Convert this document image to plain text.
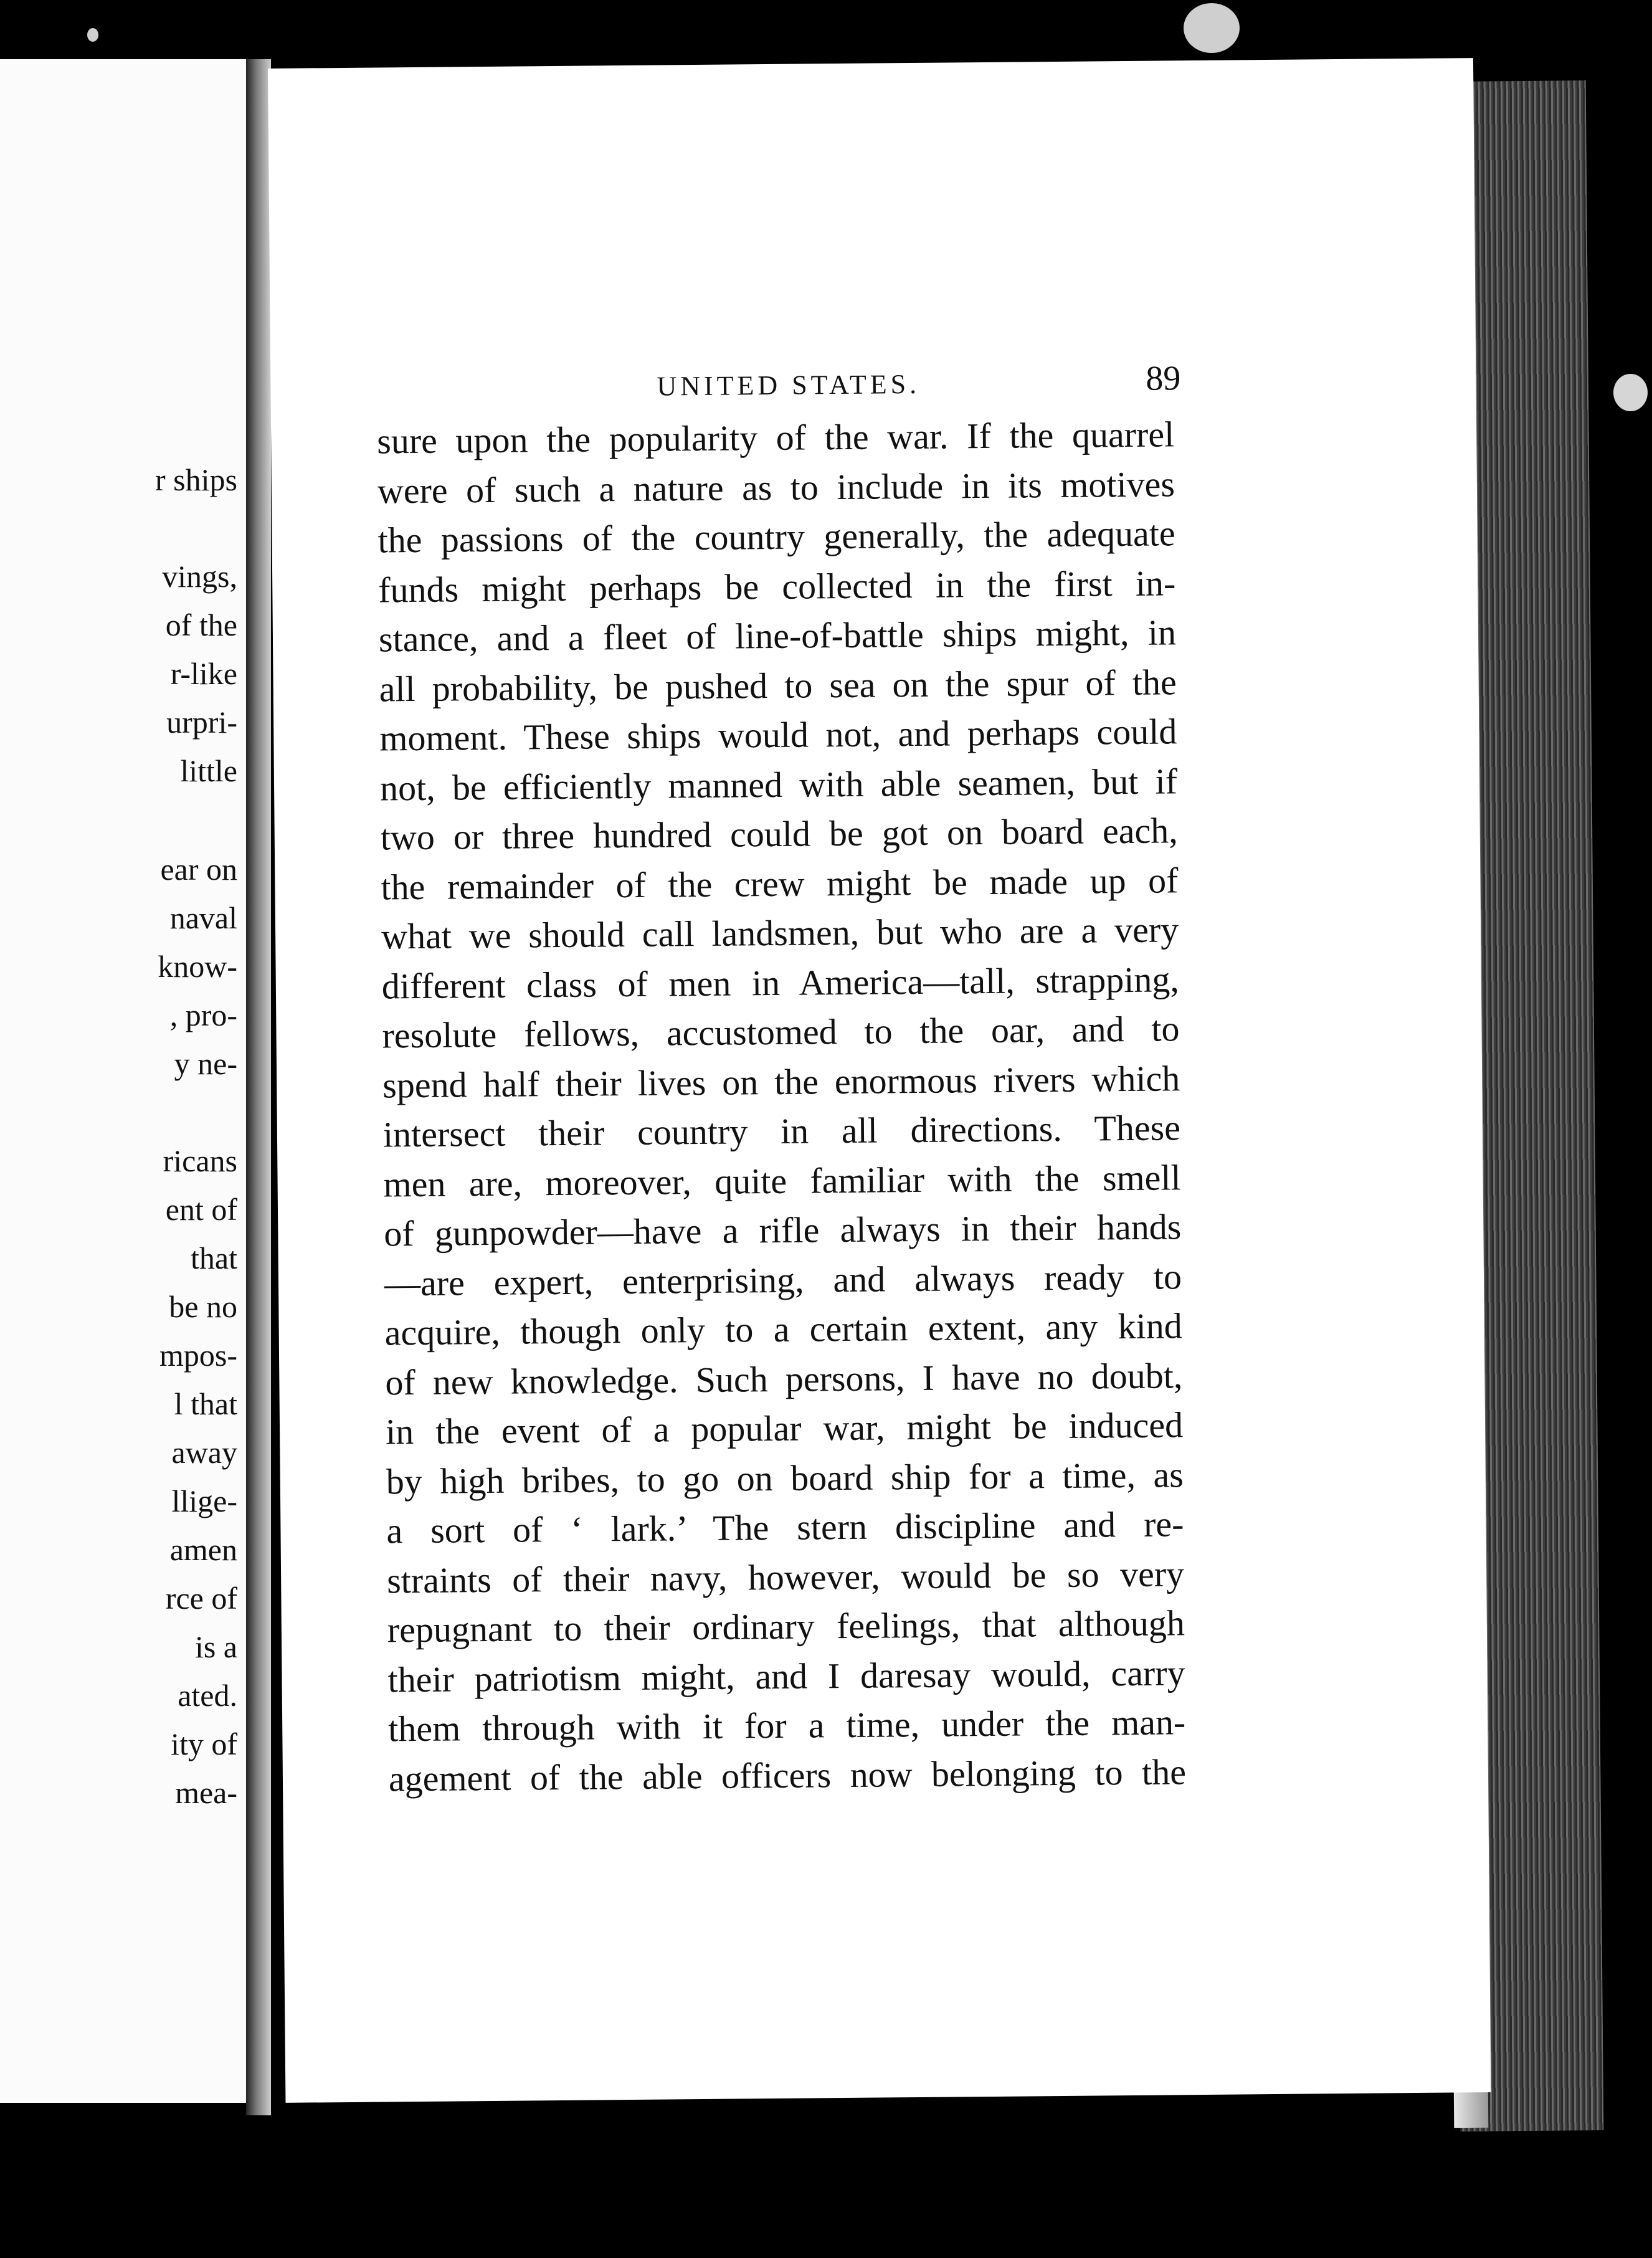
r ships
vings,
of the
r-like
urpri-
little
ear on
naval
know-
, pro-
y ne-
ricans
ent of
that
be no
mpos-
l that
away
llige-
amen
rce of
is a
ated.
ity of
mea-
UNITED STATES.	89
sure upon the popularity of the war. If the quarrel
were of such a nature as to include in its motives
the passions of the country generally, the adequate
funds might perhaps be collected in the first in-
stance, and a fleet of line-of-battle ships might, in
all probability, be pushed to sea on the spur of the
moment. These ships would not, and perhaps could
not, be efficiently manned with able seamen, but if
two or three hundred could be got on board each,
the remainder of the crew might be made up of
what we should call landsmen, but who are a very
different class of men in America—tall, strapping,
resolute fellows, accustomed to the oar, and to
spend half their lives on the enormous rivers which
intersect their country in all directions. These
men are, moreover, quite familiar with the smell
of gunpowder—have a rifle always in their hands
—are expert, enterprising, and always ready to
acquire, though only to a certain extent, any kind
of new knowledge. Such persons, I have no doubt,
in the event of a popular war, might be induced
by high bribes, to go on board ship for a time, as
a sort of ‘ lark.’ The stern discipline and re-
straints of their navy, however, would be so very
repugnant to their ordinary feelings, that although
their patriotism might, and I daresay would, carry
them through with it for a time, under the man-
agement of the able officers now belonging to the
